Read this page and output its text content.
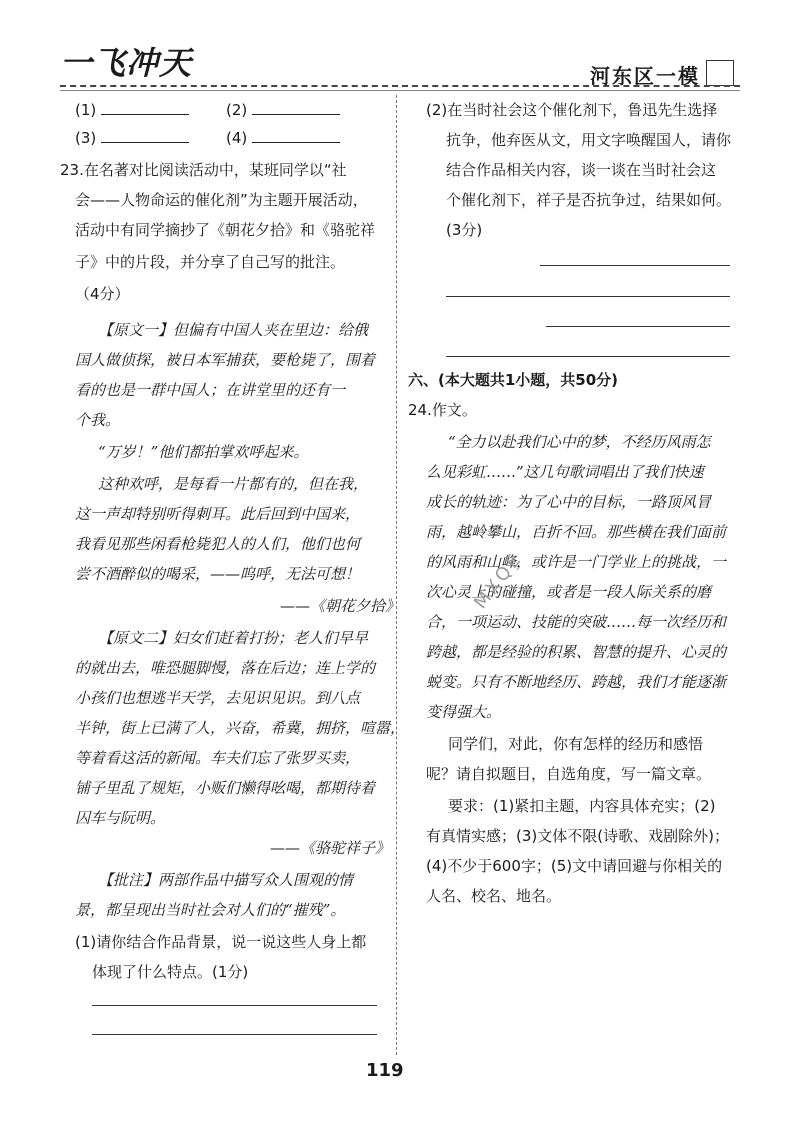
一飞冲天	河东区一模
(1)	(2)
(3)	(4)
23.在名著对比阅读活动中，某班同学以“社
会——人物命运的催化剂”为主题开展活动，
活动中有同学摘抄了《朝花夕拾》和《骆驼祥
子》中的片段，并分享了自己写的批注。
（4分）
【原文一】但偏有中国人夹在里边：给俄
国人做侦探，被日本军捕获，要枪毙了，围着
看的也是一群中国人；在讲堂里的还有一
个我。
“万岁！”他们都拍掌欢呼起来。
这种欢呼，是每看一片都有的，但在我，
这一声却特别听得刺耳。此后回到中国来，
我看见那些闲看枪毙犯人的人们，他们也何
尝不酒醉似的喝采，——呜呼，无法可想！
——《朝花夕拾》
【原文二】妇女们赶着打扮；老人们早早
的就出去，唯恐腿脚慢，落在后边；连上学的
小孩们也想逃半天学，去见识见识。到八点
半钟，街上已满了人，兴奋，希冀，拥挤，喧嚣，
等着看这活的新闻。车夫们忘了张罗买卖，
铺子里乱了规矩，小贩们懒得吆喝，都期待着
囚车与阮明。
——《骆驼祥子》
【批注】两部作品中描写众人围观的情
景，都呈现出当时社会对人们的“摧残”。
(1)请你结合作品背景，说一说这些人身上都
体现了什么特点。(1分)
(2)在当时社会这个催化剂下，鲁迅先生选择
抗争，他弃医从文，用文字唤醒国人，请你
结合作品相关内容，谈一谈在当时社会这
个催化剂下，祥子是否抗争过，结果如何。
(3分)
六、(本大题共1小题，共50分)
24.作文。
“全力以赴我们心中的梦，不经历风雨怎
么见彩虹……”这几句歌词唱出了我们快速
成长的轨迹：为了心中的目标，一路顶风冒
雨，越岭攀山，百折不回。那些横在我们面前
的风雨和山峰，或许是一门学业上的挑战，一
次心灵上的碰撞，或者是一段人际关系的磨
合，一项运动、技能的突破……每一次经历和
跨越，都是经验的积累、智慧的提升、心灵的
蜕变。只有不断地经历、跨越，我们才能逐渐
变得强大。
同学们，对此，你有怎样的经历和感悟
呢？请自拟题目，自选角度，写一篇文章。
要求：(1)紧扣主题，内容具体充实；(2)
有真情实感；(3)文体不限(诗歌、戏剧除外)；
(4)不少于600字；(5)文中请回避与你相关的
人名、校名、地名。
MXQE
119
